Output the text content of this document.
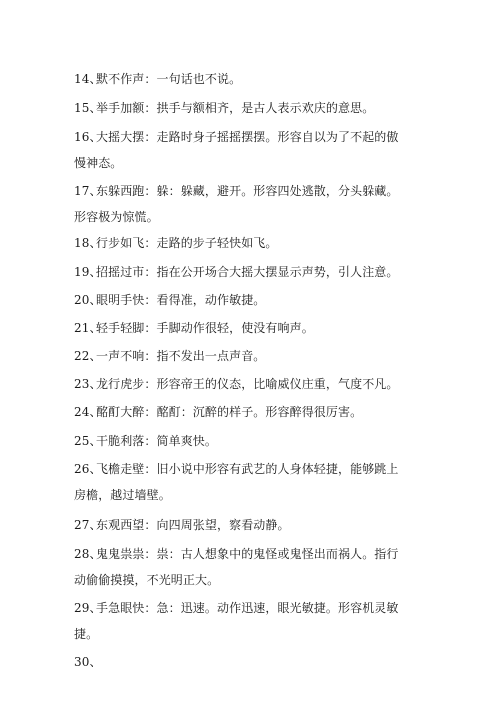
14、默不作声：一句话也不说。
15、举手加额：拱手与额相齐，是古人表示欢庆的意思。
16、大摇大摆：走路时身子摇摇摆摆。形容自以为了不起的傲
慢神态。
17、东躲西跑：躲：躲藏，避开。形容四处逃散，分头躲藏。
形容极为惊慌。
18、行步如飞：走路的步子轻快如飞。
19、招摇过市：指在公开场合大摇大摆显示声势，引人注意。
20、眼明手快：看得准，动作敏捷。
21、轻手轻脚：手脚动作很轻，使没有响声。
22、一声不响：指不发出一点声音。
23、龙行虎步：形容帝王的仪态，比喻威仪庄重，气度不凡。
24、酩酊大醉：酩酊：沉醉的样子。形容醉得很厉害。
25、干脆利落：简单爽快。
26、飞檐走壁：旧小说中形容有武艺的人身体轻捷，能够跳上
房檐，越过墙壁。
27、东观西望：向四周张望，察看动静。
28、鬼鬼祟祟：祟：古人想象中的鬼怪或鬼怪出而祸人。指行
动偷偷摸摸，不光明正大。
29、手急眼快：急：迅速。动作迅速，眼光敏捷。形容机灵敏
捷。
30、
